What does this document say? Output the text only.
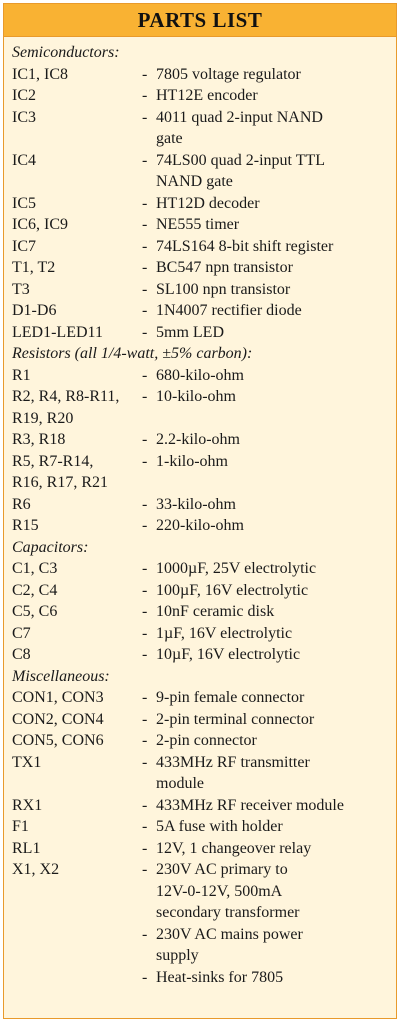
PARTS LIST
Semiconductors:
IC1, IC8	- 7805 voltage regulator
IC2	- HT12E encoder
IC3	- 4011 quad 2-input NAND
gate
IC4	- 74LS00 quad 2-input TTL
NAND gate
IC5	- HT12D decoder
IC6, IC9	- NE555 timer
IC7	- 74LS164 8-bit shift register
T1, T2	- BC547 npn transistor
T3	- SL100 npn transistor
D1-D6	- 1N4007 rectifier diode
LED1-LED11	- 5mm LED
Resistors (all 1/4-watt, ±5% carbon):
R1	- 680-kilo-ohm
R2, R4, R8-R11,
R19, R20
- 10-kilo-ohm
R3, R18	- 2.2-kilo-ohm
R5, R7-R14,
R16, R17, R21
- 1-kilo-ohm
R6	- 33-kilo-ohm
R15	- 220-kilo-ohm
Capacitors:
C1, C3	- 1000µF, 25V electrolytic
C2, C4	- 100µF, 16V electrolytic
C5, C6	- 10nF ceramic disk
C7	- 1µF, 16V electrolytic
C8	- 10µF, 16V electrolytic
Miscellaneous:
CON1, CON3	- 9-pin female connector
CON2, CON4	- 2-pin terminal connector
CON5, CON6	- 2-pin connector
TX1	- 433MHz RF transmitter
module
RX1	- 433MHz RF receiver module
F1	- 5A fuse with holder
RL1	- 12V, 1 changeover relay
X1, X2	- 230V AC primary to
12V-0-12V, 500mA
secondary transformer
- 230V AC mains power
supply
- Heat-sinks for 7805
